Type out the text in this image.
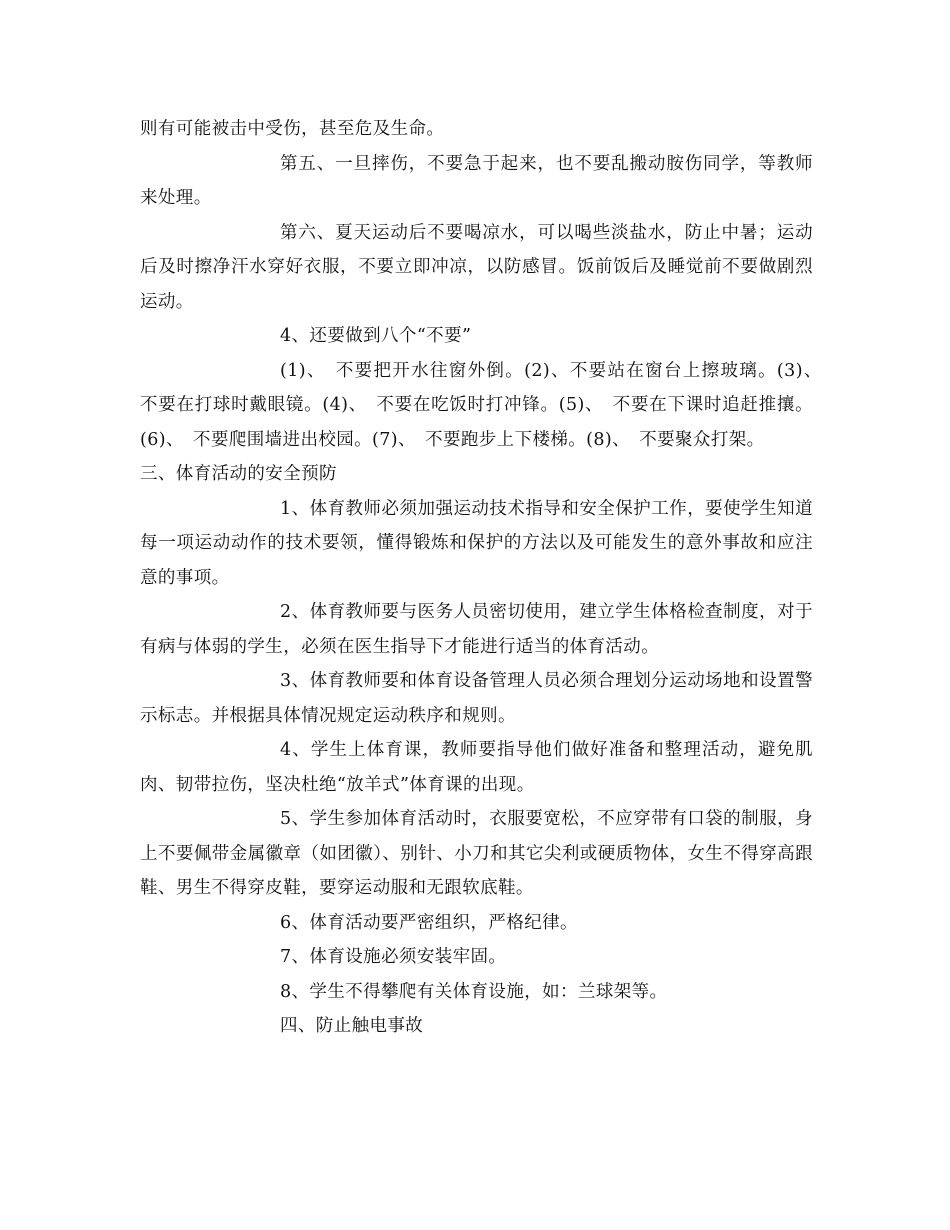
则有可能被击中受伤，甚至危及生命。

第五、一旦摔伤，不要急于起来，也不要乱搬动胺伤同学，等教师来处理。

第六、夏天运动后不要喝凉水，可以喝些淡盐水，防止中暑；运动后及时擦净汗水穿好衣服，不要立即冲凉，以防感冒。饭前饭后及睡觉前不要做剧烈运动。

4、还要做到八个“不要”

(1)、　不要把开水往窗外倒。(2)、不要站在窗台上擦玻璃。(3)、　不要在打球时戴眼镜。(4)、　不要在吃饭时打冲锋。(5)、　不要在下课时追赶推攘。(6)、　不要爬围墙进出校园。(7)、　不要跑步上下楼梯。(8)、　不要聚众打架。

三、体育活动的安全预防

1、体育教师必须加强运动技术指导和安全保护工作，要使学生知道每一项运动动作的技术要领，懂得锻炼和保护的方法以及可能发生的意外事故和应注意的事项。

2、体育教师要与医务人员密切使用，建立学生体格检查制度，对于有病与体弱的学生，必须在医生指导下才能进行适当的体育活动。

3、体育教师要和体育设备管理人员必须合理划分运动场地和设置警示标志。并根据具体情况规定运动秩序和规则。

4、学生上体育课，教师要指导他们做好准备和整理活动，避免肌肉、韧带拉伤，坚决杜绝“放羊式”体育课的出现。

5、学生参加体育活动时，衣服要宽松，不应穿带有口袋的制服，身上不要佩带金属徽章（如团徽）、别针、小刀和其它尖利或硬质物体，女生不得穿高跟鞋、男生不得穿皮鞋，要穿运动服和无跟软底鞋。

6、体育活动要严密组织，严格纪律。

7、体育设施必须安装牢固。

8、学生不得攀爬有关体育设施，如：兰球架等。

四、防止触电事故
